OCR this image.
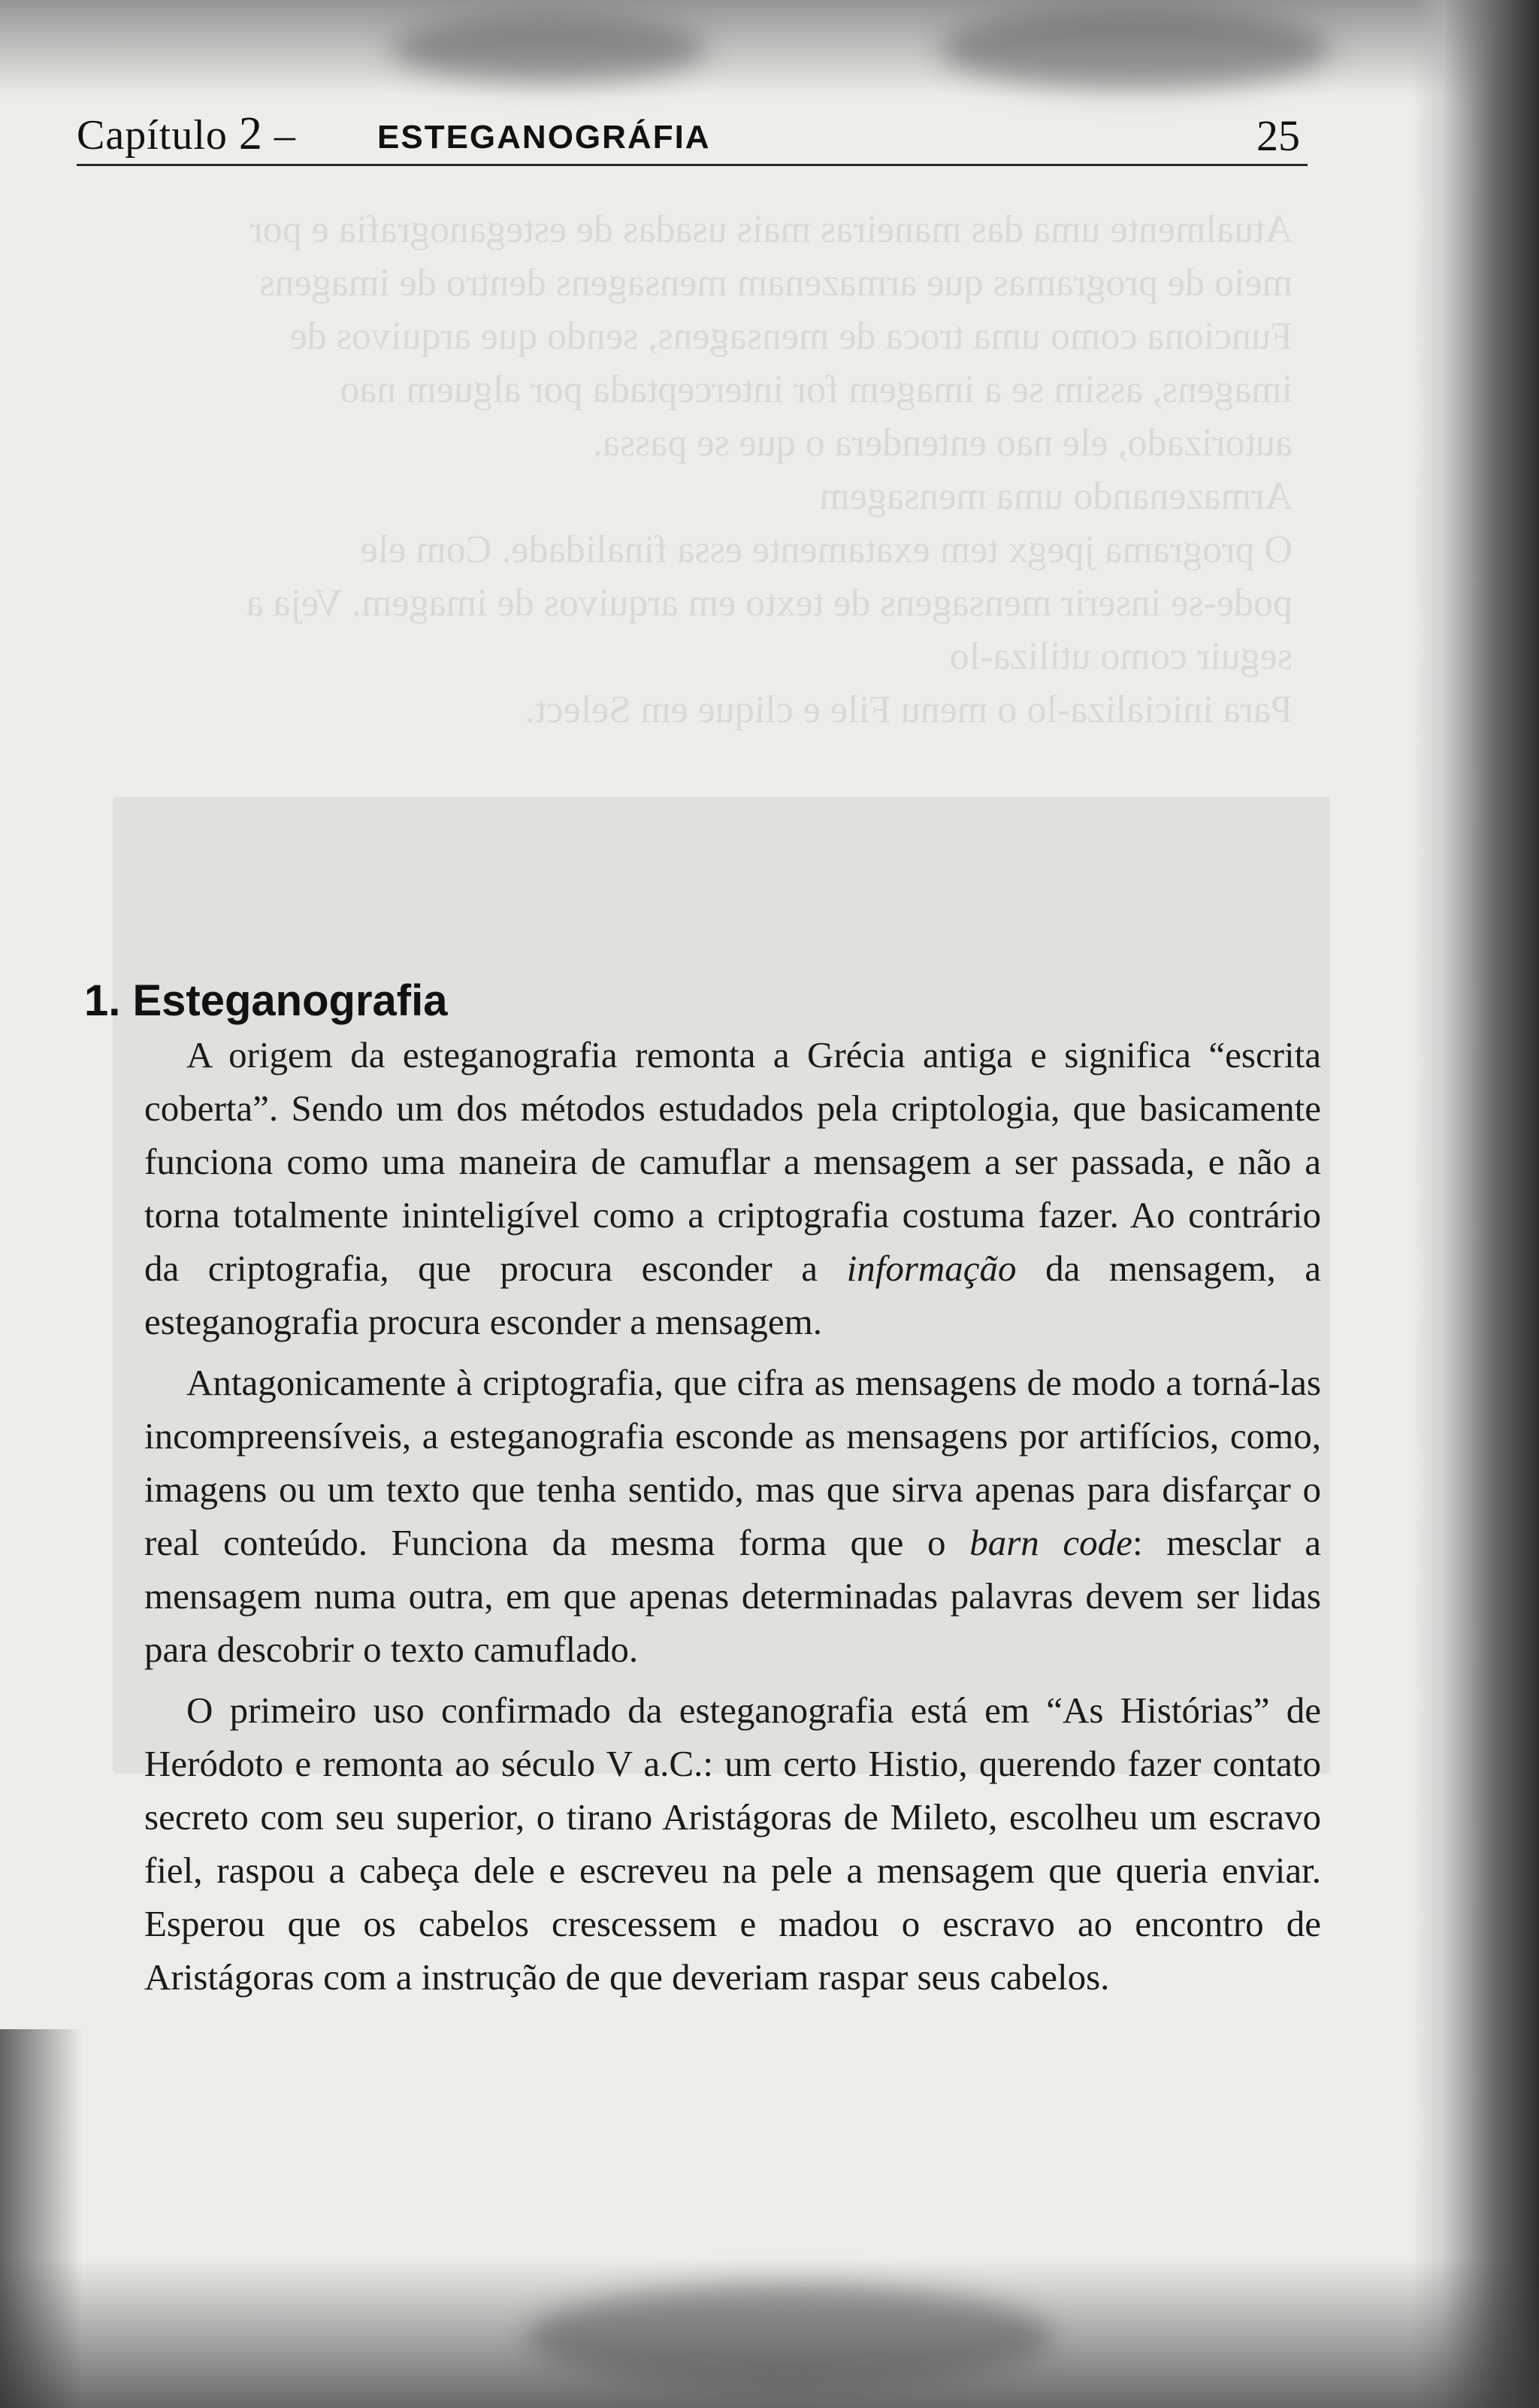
Atualmente uma das maneiras mais usadas de esteganografia e por
meio de programas que armazenam mensagens dentro de imagens
Funciona como uma troca de mensagens, sendo que arquivos de
imagens, assim se a imagem for interceptada por alguem nao
autorizado, ele nao entendera o que se passa.
Armazenando uma mensagem
O programa jpegx tem exatamente essa finalidade. Com ele
pode-se inserir mensagens de texto em arquivos de imagem. Veja a
seguir como utiliza-lo
Para inicializa-lo o menu File e clique em Select.
Capítulo 2 – ESTEGANOGRÁFIA	25
1. Esteganografia

A origem da esteganografia remonta a Grécia antiga e significa “escrita coberta”. Sendo um dos métodos estudados pela criptologia, que basicamente funciona como uma maneira de camuflar a mensagem a ser passada, e não a torna totalmente ininteligível como a criptografia costuma fazer. Ao contrário da criptografia, que procura esconder a informação da mensagem, a esteganografia procura esconder a mensagem.

Antagonicamente à criptografia, que cifra as mensagens de modo a torná-las incompreensíveis, a esteganografia esconde as mensagens por artifícios, como, imagens ou um texto que tenha sentido, mas que sirva apenas para disfarçar o real conteúdo. Funciona da mesma forma que o barn code: mesclar a mensagem numa outra, em que apenas determinadas palavras devem ser lidas para descobrir o texto camuflado.

O primeiro uso confirmado da esteganografia está em “As Histórias” de Heródoto e remonta ao século V a.C.: um certo Histio, querendo fazer contato secreto com seu superior, o tirano Aristágoras de Mileto, escolheu um escravo fiel, raspou a cabeça dele e escreveu na pele a mensagem que queria enviar. Esperou que os cabelos crescessem e madou o escravo ao encontro de Aristágoras com a instrução de que deveriam raspar seus cabelos.
